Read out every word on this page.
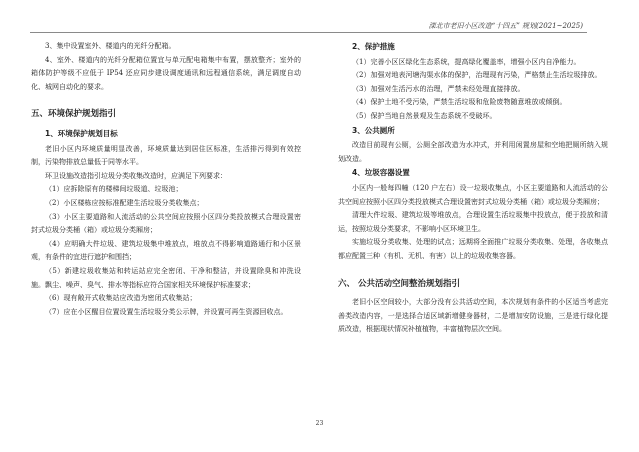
溧北市老旧小区改造“十四五” 规划(2021~2025)

3、集中设置室外、楼道内的光纤分配箱。

4、室外、楼道内的光纤分配箱位置宜与单元配电箱集中布置，摆放整齐；室外的箱体防护等级不应低于 IP54 还应同步建设调度通讯和远程通信系统，满足调度自动化、城网自动化的要求。

五、环境保护规划指引

1、环境保护规划目标

老旧小区内环境质量明显改善，环境质量达到居住区标准，生活排污得到有效控制，污染物排放总量低于同等水平。

环卫设施改造指引垃圾分类收集改造时，应满足下列要求：

（1）应拆除原有的楼梯间垃圾道、垃圾池；

（2）小区楼栋应按标准配建生活垃圾分类收集点；

（3）小区主要道路和人流活动的公共空间应按照小区四分类投放模式合理设置密封式垃圾分类桶（箱）或垃圾分类厢房；

（4）应明确大件垃圾、建筑垃圾集中堆放点，堆放点不得影响道路通行和小区景观，有条件的宜进行遮护和围挡；

（5）新建垃圾收集站和转运站应完全密闭、干净和整洁，并设置除臭和冲洗设施。飘尘、噪声、臭气、排水等指标应符合国家相关环境保护标准要求；

（6）现有敞开式收集站应改造为密闭式收集站；

（7）应在小区醒目位置设置生活垃圾分类公示牌，并设置可再生资源回收点。

2、保护措施

（1）完善小区区绿化生态系统，提高绿化覆盖率，增强小区内自净能力。

（2）加强对地表河塘沟渠水体的保护，治理现有污染，严格禁止生活垃圾排放。

（3）加强对生活污水的治理，严禁未经处理直接排放。

（4）保护土地不受污染，严禁生活垃圾和危险废物随意堆放或倾倒。

（5）保护当地自然景观及生态系统不受破坏。

3、公共厕所

改造目前现有公厕，公厕全部改造为水冲式，并利用闲置房屋和空地把厕所纳入规划改造。

4、垃圾容器设置

小区内一般每四幢（120 户左右）设一垃圾收集点，小区主要道路和人流活动的公共空间应按照小区四分类投放模式合理设置密封式垃圾分类桶（箱）或垃圾分类厢房；

清理大件垃圾、建筑垃圾等堆放点，合理设置生活垃圾集中投放点，便于投放和清运，按照垃圾分类要求，不影响小区环境卫生。

实施垃圾分类收集、处理的试点；远期将全面推广垃圾分类收集、处理，各收集点都应配置三种（有机、无机、有害）以上的垃圾收集容器。

六、 公共活动空间整治规划指引

老旧小区空间较小，大部分没有公共活动空间，本次规划有条件的小区适当考虑完善类改造内容，一是选择合适区域新增健身器材，二是增加安防设施，三是进行绿化提质改造，根据现状情况补植植物，丰富植物层次空间。

23
